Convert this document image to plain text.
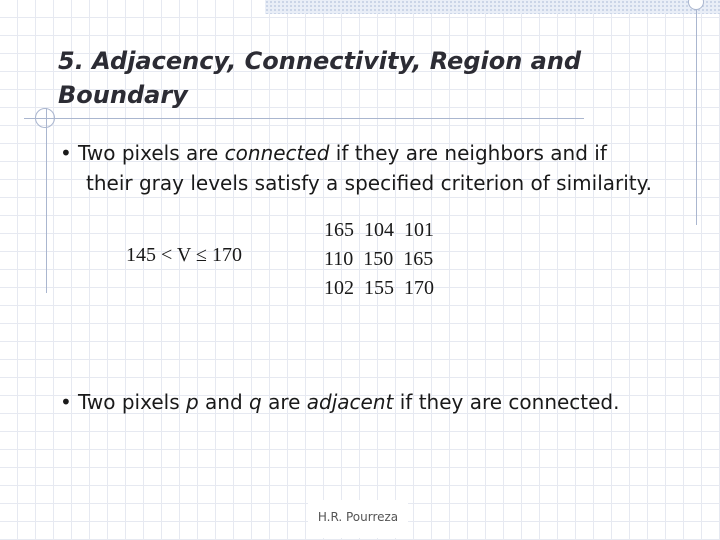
5. Adjacency, Connectivity, Region and
Boundary
• Two pixels are connected if they are neighbors and if
their gray levels satisfy a specified criterion of similarity.
145 < V ≤ 170
165  104  101
110  150  165
102  155  170
• Two pixels p and q are adjacent if they are connected.
H.R. Pourreza
